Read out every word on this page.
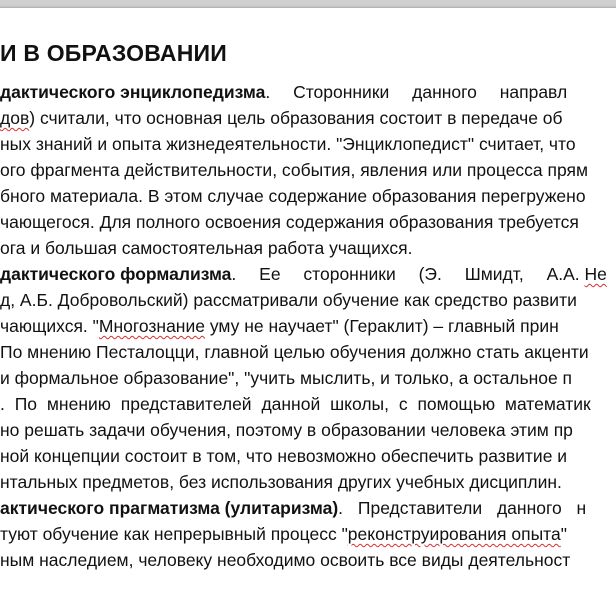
И В ОБРАЗОВАНИИ
дактического энциклопедизма. Сторонники данного направл
дов) считали, что основная цель образования состоит в передаче об
ных знаний и опыта жизнедеятельности. "Энциклопедист" считает, что
ого фрагмента действительности, события, явления или процесса прям
бного материала. В этом случае содержание образования перегружено
чающегося. Для полного освоения содержания образования требуется
ога и большая самостоятельная работа учащихся.
дактического формализма. Ее сторонники (Э. Шмидт, А.А. Не
д, А.Б. Добровольский) рассматривали обучение как средство развити
чающихся. "Многознание уму не научает" (Гераклит) – главный прин
По мнению Песталоцци, главной целью обучения должно стать акценти
и формальное образование", "учить мыслить, и только, а остальное п
. По мнению представителей данной школы, с помощью математик
но решать задачи обучения, поэтому в образовании человека этим пр
ной концепции состоит в том, что невозможно обеспечить развитие и
нтальных предметов, без использования других учебных дисциплин.
актического прагматизма (улитаризма). Представители данного н
туют обучение как непрерывный процесс "реконструирования опыта"
ным наследием, человеку необходимо освоить все виды деятельност
